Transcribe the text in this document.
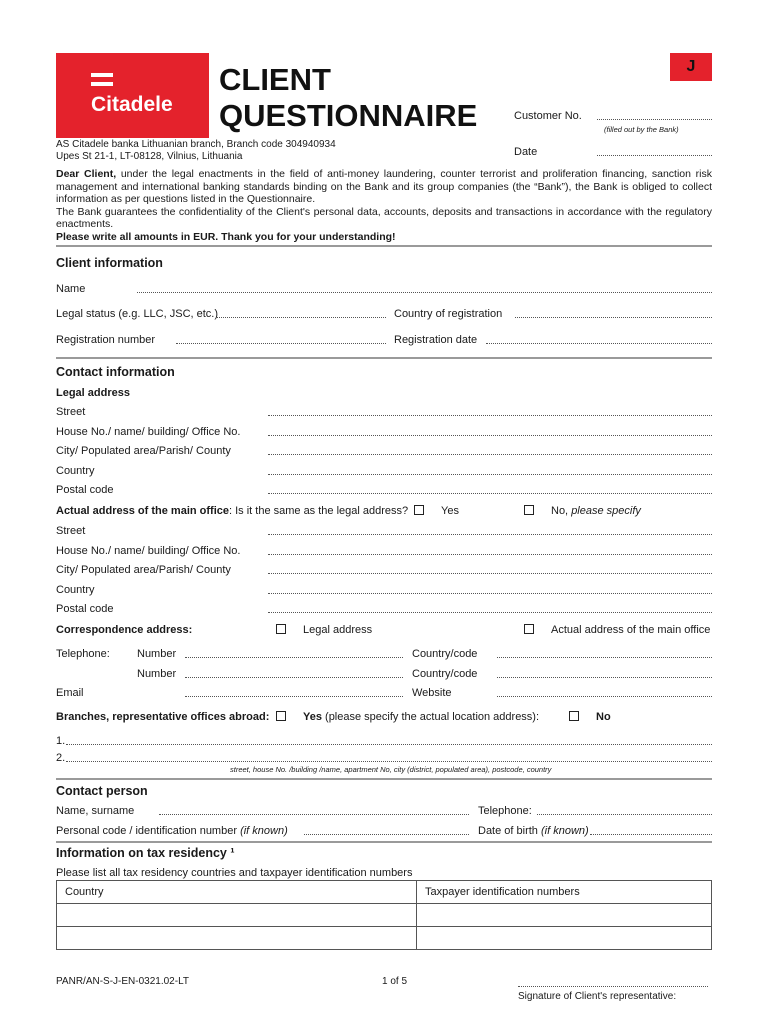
Citadele
CLIENT
QUESTIONNAIRE
J
Customer No.
(filled out by the Bank)
Date
AS Citadele banka Lithuanian branch, Branch code 304940934
Upes St 21-1, LT-08128, Vilnius, Lithuania
Dear Client, under the legal enactments in the field of anti-money laundering, counter terrorist and proliferation financing, sanction risk management and international banking standards binding on the Bank and its group companies (the “Bank”), the Bank is obliged to collect information as per questions listed in the Questionnaire.
The Bank guarantees the confidentiality of the Client's personal data, accounts, deposits and transactions in accordance with the regulatory enactments.
Please write all amounts in EUR. Thank you for your understanding!
Client information
Name
Legal status (e.g. LLC, JSC, etc.)	Country of registration
Registration number	Registration date
Contact information
Legal address
Street
House No./ name/ building/ Office No.
City/ Populated area/Parish/ County
Country
Postal code
Actual address of the main office: Is it the same as the legal address?	Yes	No, please specify
Street
House No./ name/ building/ Office No.
City/ Populated area/Parish/ County
Country
Postal code
Correspondence address:	Legal address	Actual address of the main office
Telephone: Number	Country/code
Number	Country/code
Email	Website
Branches, representative offices abroad:	Yes (please specify the actual location address):	No
1.
2.
street, house No. /building /name, apartment No, city (district, populated area), postcode, country
Contact person
Name, surname	Telephone:
Personal code / identification number (if known)	Date of birth (if known)
Information on tax residency ¹
Please list all tax residency countries and taxpayer identification numbers
Country	Taxpayer identification numbers

PANR/AN-S-J-EN-0321.02-LT	1 of 5
Signature of Client's representative:
